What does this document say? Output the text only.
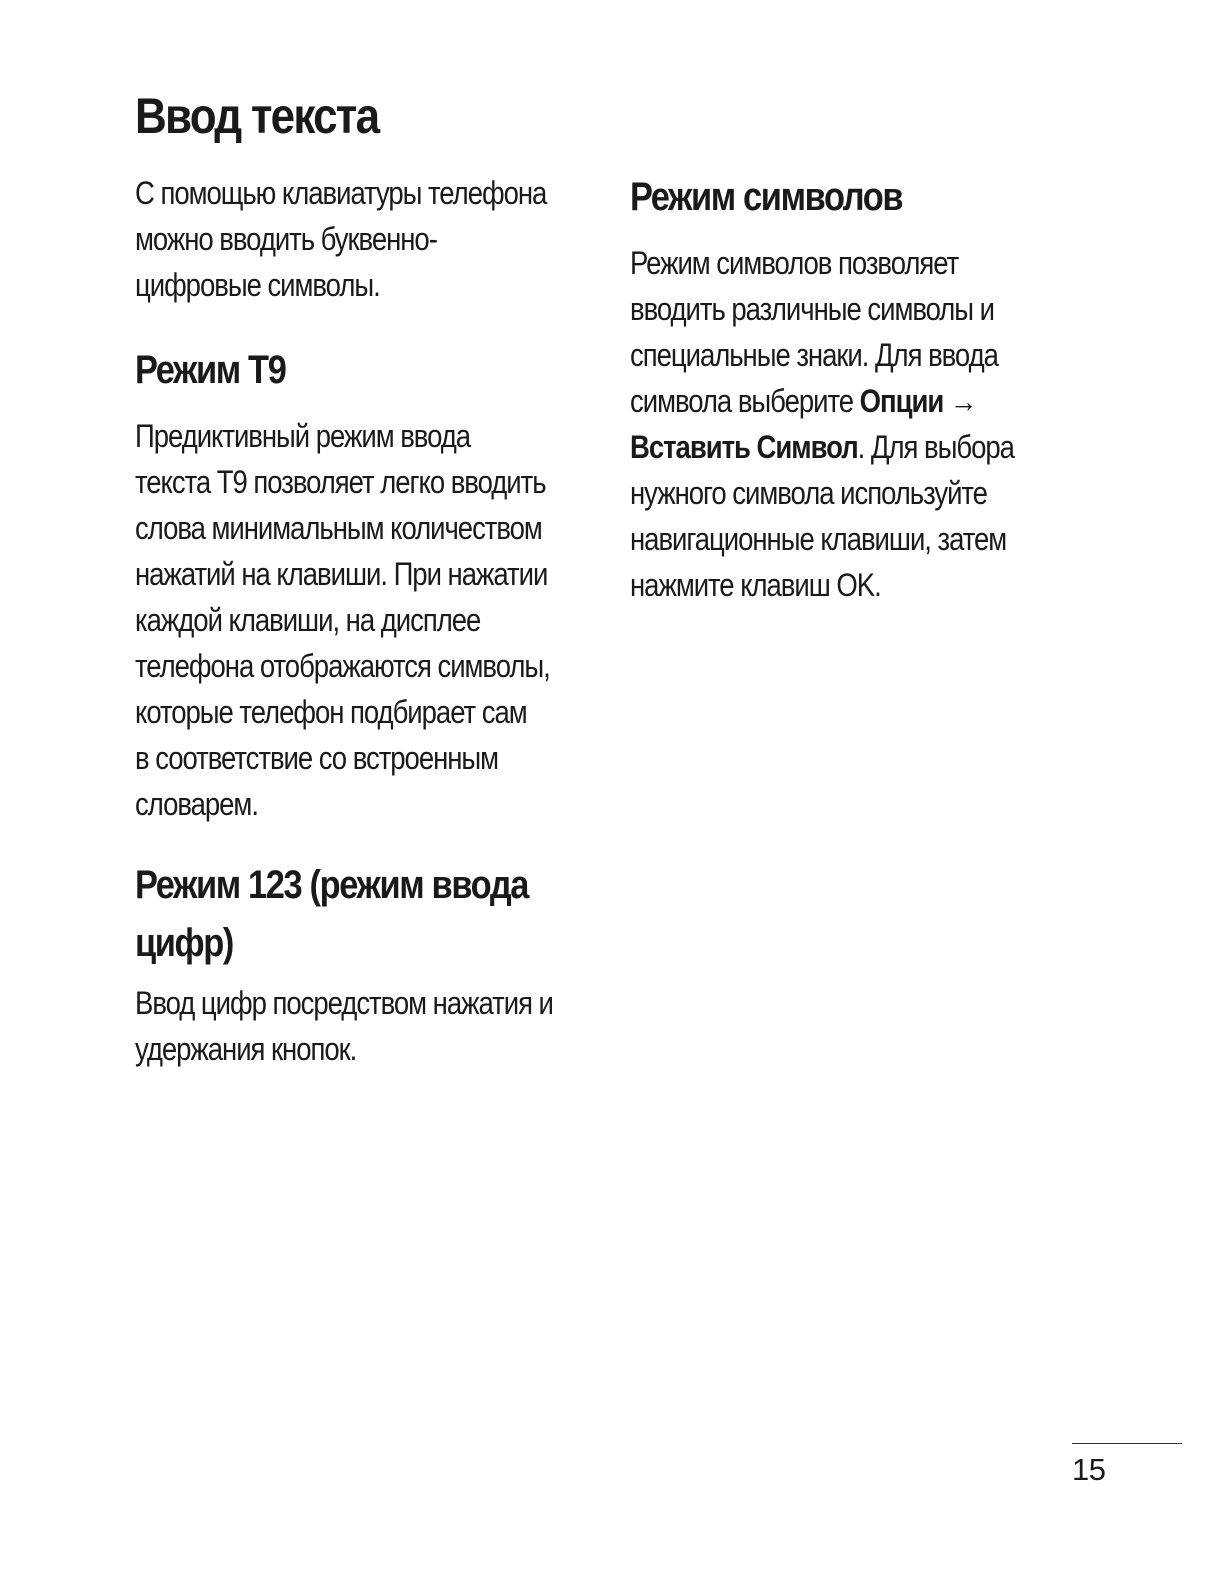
Ввод текста

С помощью клавиатуры телефона

можно вводить буквенно-

цифровые символы.

Режим T9

Предиктивный режим ввода

текста T9 позволяет легко вводить

слова минимальным количеством

нажатий на клавиши. При нажатии

каждой клавиши, на дисплее

телефона отображаются символы,

которые телефон подбирает сам

в соответствие со встроенным

словарем.

Режим 123 (режим ввода
цифр)

Ввод цифр посредством нажатия и

удержания кнопок.

Режим символов

Режим символов позволяет

вводить различные символы и

специальные знаки. Для ввода

символа выберите Опции →

Вставить Символ. Для выбора

нужного символа используйте

навигационные клавиши, затем

нажмите клавиш OK.

15
